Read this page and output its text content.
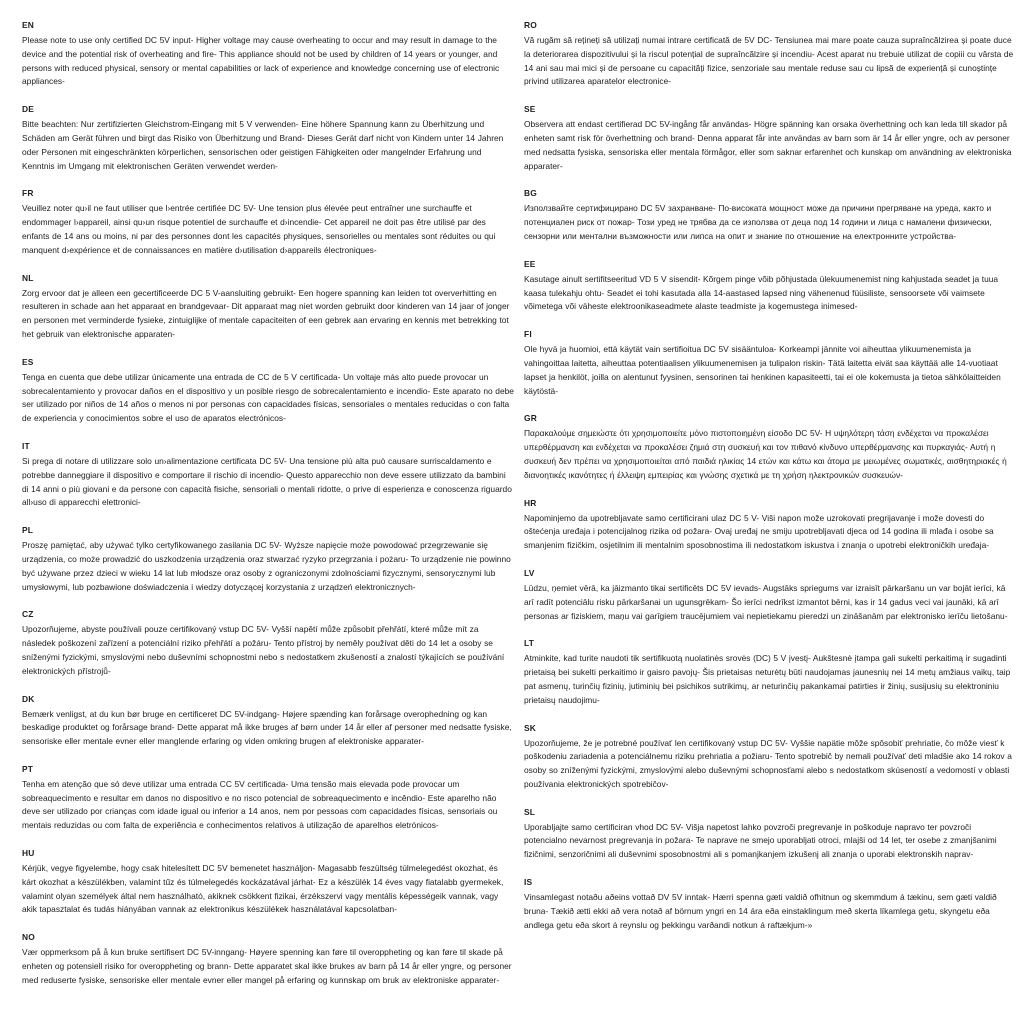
EN

Please note to use only certified DC 5V input- Higher voltage may cause overheating to occur and may result in damage to the device and the potential risk of overheating and fire- This appliance should not be used by children of 14 years or younger, and persons with reduced physical, sensory or mental capabilities or lack of experience and knowledge concerning use of electronic appliances-

DE

Bitte beachten: Nur zertifizierten Gleichstrom-Eingang mit 5 V verwenden- Eine höhere Spannung kann zu Überhitzung und Schäden am Gerät führen und birgt das Risiko von Überhitzung und Brand- Dieses Gerät darf nicht von Kindern unter 14 Jahren oder Personen mit eingeschränkten körperlichen, sensorischen oder geistigen Fähigkeiten oder mangelnder Erfahrung und Kenntnis im Umgang mit elektronischen Geräten verwendet werden-

FR

Veuillez noter qu›il ne faut utiliser que l›entrée certifiée DC 5V- Une tension plus élevée peut entraîner une surchauffe et endommager l›appareil, ainsi qu›un risque potentiel de surchauffe et d›incendie- Cet appareil ne doit pas être utilisé par des enfants de 14 ans ou moins, ni par des personnes dont les capacités physiques, sensorielles ou mentales sont réduites ou qui manquent d›expérience et de connaissances en matière d›utilisation d›appareils électroniques-

NL

Zorg ervoor dat je alleen een gecertificeerde DC 5 V-aansluiting gebruikt- Een hogere spanning kan leiden tot oververhitting en resulteren in schade aan het apparaat en brandgevaar- Dit apparaat mag niet worden gebruikt door kinderen van 14 jaar of jonger en personen met verminderde fysieke, zintuiglijke of mentale capaciteiten of een gebrek aan ervaring en kennis met betrekking tot het gebruik van elektronische apparaten-

ES

Tenga en cuenta que debe utilizar únicamente una entrada de CC de 5 V certificada- Un voltaje más alto puede provocar un sobrecalentamiento y provocar daños en el dispositivo y un posible riesgo de sobrecalentamiento e incendio- Este aparato no debe ser utilizado por niños de 14 años o menos ni por personas con capacidades físicas, sensoriales o mentales reducidas o con falta de experiencia y conocimientos sobre el uso de aparatos electrónicos-

IT

Si prega di notare di utilizzare solo un›alimentazione certificata DC 5V- Una tensione più alta può causare surriscaldamento e potrebbe danneggiare il dispositivo e comportare il rischio di incendio- Questo apparecchio non deve essere utilizzato da bambini di 14 anni o più giovani e da persone con capacità fisiche, sensoriali o mentali ridotte, o prive di esperienza e conoscenza riguardo all›uso di apparecchi elettronici-

PL

Proszę pamiętać, aby używać tylko certyfikowanego zasilania DC 5V- Wyższe napięcie może powodować przegrzewanie się urządzenia, co może prowadzić do uszkodzenia urządzenia oraz stwarzać ryzyko przegrzania i pożaru- To urządzenie nie powinno być używane przez dzieci w wieku 14 lat lub młodsze oraz osoby z ograniczonymi zdolnościami fizycznymi, sensorycznymi lub umysłowymi, lub pozbawione doświadczenia i wiedzy dotyczącej korzystania z urządzeń elektronicznych-

CZ

Upozorňujeme, abyste používali pouze certifikovaný vstup DC 5V- Vyšší napětí může způsobit přehřátí, které může mít za následek poškození zařízení a potenciální riziko přehřátí a požáru- Tento přístroj by neměly používat děti do 14 let a osoby se sníženými fyzickými, smyslovými nebo duševními schopnostmi nebo s nedostatkem zkušeností a znalostí týkajících se používání elektronických přístrojů-

DK

Bemærk venligst, at du kun bør bruge en certificeret DC 5V-indgang- Højere spænding kan forårsage overophedning og kan beskadige produktet og forårsage brand- Dette apparat må ikke bruges af børn under 14 år eller af personer med nedsatte fysiske, sensoriske eller mentale evner eller manglende erfaring og viden omkring brugen af elektroniske apparater-

PT

Tenha em atenção que só deve utilizar uma entrada CC 5V certificada- Uma tensão mais elevada pode provocar um sobreaquecimento e resultar em danos no dispositivo e no risco potencial de sobreaquecimento e incêndio- Este aparelho não deve ser utilizado por crianças com idade igual ou inferior a 14 anos, nem por pessoas com capacidades físicas, sensoriais ou mentais reduzidas ou com falta de experiência e conhecimentos relativos à utilização de aparelhos eletrónicos-

HU

Kérjük, vegye figyelembe, hogy csak hitelesített DC 5V bemenetet használjon- Magasabb feszültség túlmelegedést okozhat, és kárt okozhat a készülékben, valamint tűz és túlmelegedés kockázatával járhat- Ez a készülék 14 éves vagy fiatalabb gyermekek, valamint olyan személyek által nem használható, akiknek csökkent fizikai, érzékszervi vagy mentális képességeik vannak, vagy akik tapasztalat és tudás hiányában vannak az elektronikus készülékek használatával kapcsolatban-

NO

Vær oppmerksom på å kun bruke sertifisert DC 5V-inngang- Høyere spenning kan føre til overoppheting og kan føre til skade på enheten og potensiell risiko for overoppheting og brann- Dette apparatet skal ikke brukes av barn på 14 år eller yngre, og personer med reduserte fysiske, sensoriske eller mentale evner eller mangel på erfaring og kunnskap om bruk av elektroniske apparater-

RO

Vă rugăm să rețineți să utilizați numai intrare certificată de 5V DC- Tensiunea mai mare poate cauza supraîncălzirea și poate duce la deteriorarea dispozitivului și la riscul potențial de supraîncălzire și incendiu- Acest aparat nu trebuie utilizat de copiii cu vârsta de 14 ani sau mai mici și de persoane cu capacități fizice, senzoriale sau mentale reduse sau cu lipsă de experiență și cunoștințe privind utilizarea aparatelor electronice-

SE

Observera att endast certifierad DC 5V-ingång får användas- Högre spänning kan orsaka överhettning och kan leda till skador på enheten samt risk för överhettning och brand- Denna apparat får inte användas av barn som är 14 år eller yngre, och av personer med nedsatta fysiska, sensoriska eller mentala förmågor, eller som saknar erfarenhet och kunskap om användning av elektroniska apparater-

BG

Използвайте сертифицирано DC 5V захранване- По-високата мощност може да причини прегряване на уреда, както и потенциален риск от пожар- Този уред не трябва да се използва от деца под 14 години и лица с намалени физически, сензорни или ментални възможности или липса на опит и знание по отношение на електронните устройства-

EE

Kasutage ainult sertifitseeritud VD 5 V sisendit- Kõrgem pinge võib põhjustada ülekuumenemist ning kahjustada seadet ja tuua kaasa tulekahju ohtu- Seadet ei tohi kasutada alla 14-aastased lapsed ning vähenenud füüsiliste, sensoorsete või vaimsete võimetega või väheste elektroonikaseadmete alaste teadmiste ja kogemustega inimesed-

FI

Ole hyvä ja huomioi, että käytät vain sertifioitua DC 5V sisääntuloa- Korkeampi jännite voi aiheuttaa ylikuumenemista ja vahingoittaa laitetta, aiheuttaa potentiaalisen ylikuumenemisen ja tulipalon riskin- Tätä laitetta eivät saa käyttää alle 14-vuotiaat lapset ja henkilöt, joilla on alentunut fyysinen, sensorinen tai henkinen kapasiteetti, tai ei ole kokemusta ja tietoa sähkölaitteiden käytöstä-

GR

Παρακαλούμε σημειώστε ότι χρησιμοποιείτε μόνο πιστοποιημένη είσοδο DC 5V- Η υψηλότερη τάση ενδέχεται να προκαλέσει υπερθέρμανση και ενδέχεται να προκαλέσει ζημιά στη συσκευή και τον πιθανό κίνδυνο υπερθέρμανσης και πυρκαγιάς- Αυτή η συσκευή δεν πρέπει να χρησιμοποιείται από παιδιά ηλικίας 14 ετών και κάτω και άτομα με μειωμένες σωματικές, αισθητηριακές ή διανοητικές ικανότητες ή έλλειψη εμπειρίας και γνώσης σχετικά με τη χρήση ηλεκτρονικών συσκευών-

HR

Napominjemo da upotrebljavate samo certificirani ulaz DC 5 V- Viši napon može uzrokovati pregrijavanje i može dovesti do oštećenja uređaja i potencijalnog rizika od požara- Ovaj uređaj ne smiju upotrebljavati djeca od 14 godina ili mlađa i osobe sa smanjenim fizičkim, osjetilnim ili mentalnim sposobnostima ili nedostatkom iskustva i znanja o upotrebi elektroničkih uređaja-

LV

Lūdzu, ņemiet vērā, ka jāizmanto tikai sertificēts DC 5V ievads- Augstāks spriegums var izraisīt pārkaršanu un var bojāt ierīci, kā arī radīt potenciālu risku pārkaršanai un ugunsgrēkam- Šo ierīci nedrīkst izmantot bērni, kas ir 14 gadus veci vai jaunāki, kā arī personas ar fiziskiem, maņu vai garīgiem traucējumiem vai nepietiekamu pieredzi un zināšanām par elektronisko ierīču lietošanu-

LT

Atminkite, kad turite naudoti tik sertifikuotą nuolatinės srovės (DC) 5 V įvestį- Aukštesnė įtampa gali sukelti perkaitimą ir sugadinti prietaisą bei sukelti perkaitimo ir gaisro pavojų- Šis prietaisas neturėtų būti naudojamas jaunesnių nei 14 metų amžiaus vaikų, taip pat asmenų, turinčių fizinių, jutiminių bei psichikos sutrikimų, ar neturinčių pakankamai patirties ir žinių, susijusių su elektroniniu prietaisų naudojimu-

SK

Upozorňujeme, že je potrebné používať len certifikovaný vstup DC 5V- Vyššie napätie môže spôsobiť prehriatie, čo môže viesť k poškodeniu zariadenia a potenciálnemu riziku prehriatia a požiaru- Tento spotrebič by nemali používať deti mladšie ako 14 rokov a osoby so zníženými fyzickými, zmyslovými alebo duševnými schopnosťami alebo s nedostatkom skúseností a vedomostí v oblasti používania elektronických spotrebičov-

SL

Uporabljajte samo certificiran vhod DC 5V- Višja napetost lahko povzroči pregrevanje in poškoduje napravo ter povzroči potencialno nevarnost pregrevanja in požara- Te naprave ne smejo uporabljati otroci, mlajši od 14 let, ter osebe z zmanjšanimi fizičnimi, senzoričnimi ali duševnimi sposobnostmi ali s pomanjkanjem izkušenj ali znanja o uporabi elektronskih naprav-

IS

Vinsamlegast notaðu aðeins vottað DV 5V inntak- Hærri spenna gæti valdið ofhitnun og skemmdum á tækinu, sem gæti valdið bruna- Tækið ætti ekki að vera notað af börnum yngri en 14 ára eða einstaklingum með skerta líkamlega getu, skyngetu eða andlega getu eða skort á reynslu og þekkingu varðandi notkun á raftækjum-»
